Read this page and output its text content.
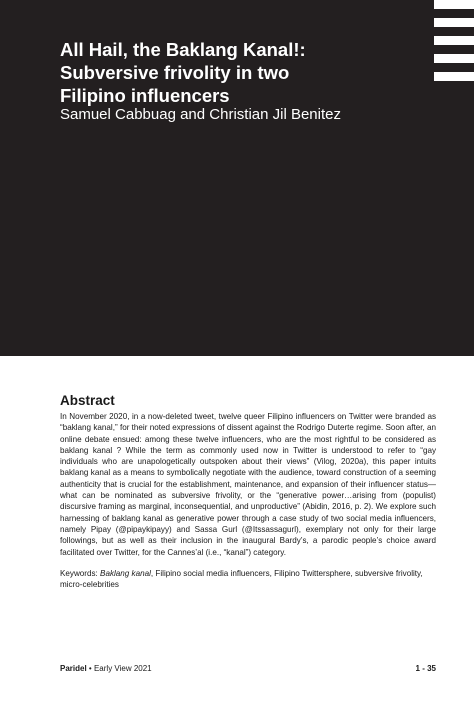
All Hail, the Baklang Kanal!:
Subversive frivolity in two
Filipino influencers
Samuel Cabbuag and Christian Jil Benitez
Abstract

In November 2020, in a now-deleted tweet, twelve queer Filipino influencers on Twitter were branded as “baklang kanal,” for their noted expressions of dissent against the Rodrigo Duterte regime. Soon after, an online debate ensued: among these twelve influencers, who are the most rightful to be considered as baklang kanal ? While the term as commonly used now in Twitter is understood to refer to “gay individuals who are unapologetically outspoken about their views” (Vilog, 2020a), this paper intuits baklang kanal as a means to symbolically negotiate with the audience, toward construction of a seeming authenticity that is crucial for the establishment, maintenance, and expansion of their influencer status—what can be nominated as subversive frivolity, or the “generative power…arising from (populist) discursive framing as marginal, inconsequential, and unproductive” (Abidin, 2016, p. 2). We explore such harnessing of baklang kanal as generative power through a case study of two social media influencers, namely Pipay (@pipaykipayy) and Sassa Gurl (@Itssassagurl), exemplary not only for their large followings, but as well as their inclusion in the inaugural Bardy’s, a parodic people’s choice award facilitated over Twitter, for the Cannes’al (i.e., “kanal”) category.

Keywords: Baklang kanal, Filipino social media influencers, Filipino Twittersphere, subversive frivolity, micro-celebrities

Paridel • Early View 2021	1 - 35
